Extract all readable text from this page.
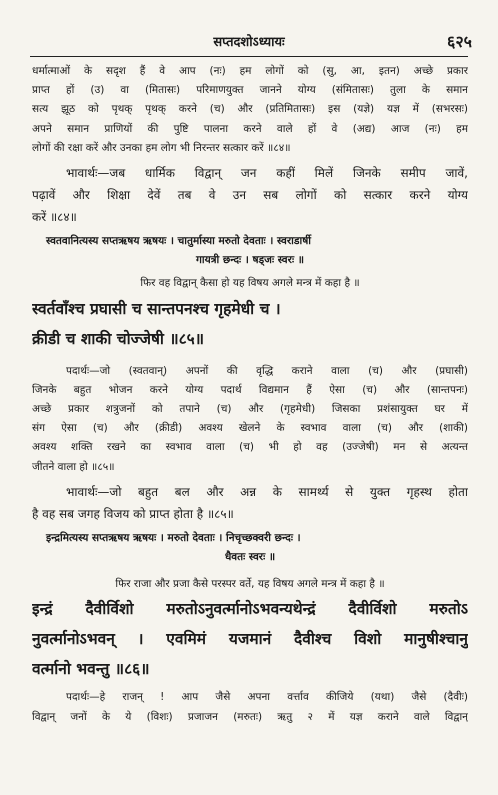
सप्तदशोऽध्यायः	६२५
धर्मात्माओं के सदृश हैं वे आप (नः) हम लोगों को (सु, आ, इतन) अच्छे प्रकार
प्राप्त हों (उ) वा (मितासः) परिमाणयुक्त जानने योग्य (संमितासः) तुला के समान
सत्य झूठ को पृथक् पृथक् करने (च) और (प्रतिमितासः) इस (यज्ञे) यज्ञ में (सभरसः)
अपने समान प्राणियों की पुष्टि पालना करने वाले हों वे (अद्य) आज (नः) हम
लोगों की रक्षा करें और उनका हम लोग भी निरन्तर सत्कार करें ॥८४॥
भावार्थः—जब धार्मिक विद्वान् जन कहीं मिलें जिनके समीप जावें,
पढ़ावें और शिक्षा देवें तब वे उन सब लोगों को सत्कार करने योग्य
करें ॥८४॥
स्वतवानित्यस्य सप्तऋषय ऋषयः । चातुर्मास्या मरुतो देवताः । स्वराडार्षी
गायत्री छन्दः । षड्जः स्वरः ॥
फिर वह विद्वान् कैसा हो यह विषय अगले मन्त्र में कहा है ॥
स्वर्तवाँश्च प्रघासी च सान्तपनश्च गृहमेधी च ।
क्रीडी च शाकी चोज्जेषी ॥८५॥
पदार्थः—जो (स्वतवान्) अपनों की वृद्धि कराने वाला (च) और (प्रघासी)
जिनके बहुत भोजन करने योग्य पदार्थ विद्यमान हैं ऐसा (च) और (सान्तपनः)
अच्छे प्रकार शत्रुजनों को तपाने (च) और (गृहमेधी) जिसका प्रशंसायुक्त घर में
संग ऐसा (च) और (क्रीडी) अवश्य खेलने के स्वभाव वाला (च) और (शाकी)
अवश्य शक्ति रखने का स्वभाव वाला (च) भी हो वह (उज्जेषी) मन से अत्यन्त
जीतने वाला हो ॥८५॥
भावार्थः—जो बहुत बल और अन्न के सामर्थ्य से युक्त गृहस्थ होता
है वह सब जगह विजय को प्राप्त होता है ॥८५॥
इन्द्रमित्यस्य सप्तऋषय ऋषयः । मरुतो देवताः । निचृच्छक्वरी छन्दः ।
धैवतः स्वरः ॥
फिर राजा और प्रजा कैसे परस्पर वर्ते, यह विषय अगले मन्त्र में कहा है ॥
इन्द्रं दैवीर्विशो मरुतोऽनुवर्त्मानोऽभवन्यथेन्द्रं दैवीर्विशो मरुतोऽ
नुवर्त्मानोऽभवन् । एवमिमं यजमानं दैवीश्च विशो मानुषीश्चानु
वर्त्मानो भवन्तु ॥८६॥
पदार्थः—हे राजन् ! आप जैसे अपना वर्त्ताव कीजिये (यथा) जैसे (दैवीः)
विद्वान् जनों के ये (विशः) प्रजाजन (मरुतः) ऋतु २ में यज्ञ कराने वाले विद्वान्
